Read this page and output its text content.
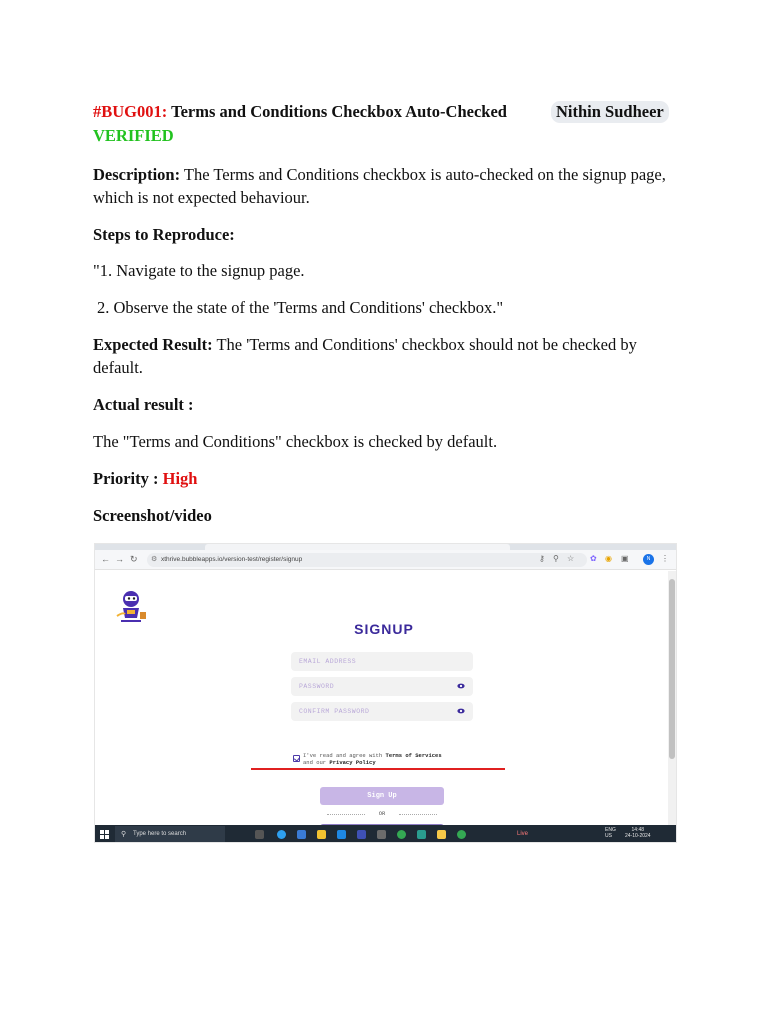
#BUG001: Terms and Conditions Checkbox Auto-Checked	Nithin Sudheer
VERIFIED
Description: The Terms and Conditions checkbox is auto-checked on the signup page, which is not expected behaviour.
Steps to Reproduce:
"1. Navigate to the signup page.
2. Observe the state of the 'Terms and Conditions' checkbox."
Expected Result: The 'Terms and Conditions' checkbox should not be checked by default.
Actual result :
The "Terms and Conditions" checkbox is checked by default.
Priority : High
Screenshot/video
← → ↻ ⚙ xthrive.bubbleapps.io/version-test/register/signup	⚷ ⚲ ☆ ✿ ◉ ▣	N	⋮
SIGNUP
EMAIL ADDRESS
PASSWORD
CONFIRM PASSWORD
I've read and agree with Terms of Services
and our Privacy Policy
Sign Up
OR
⚲ Type here to search	Live
ENG
US
14:48
24-10-2024
